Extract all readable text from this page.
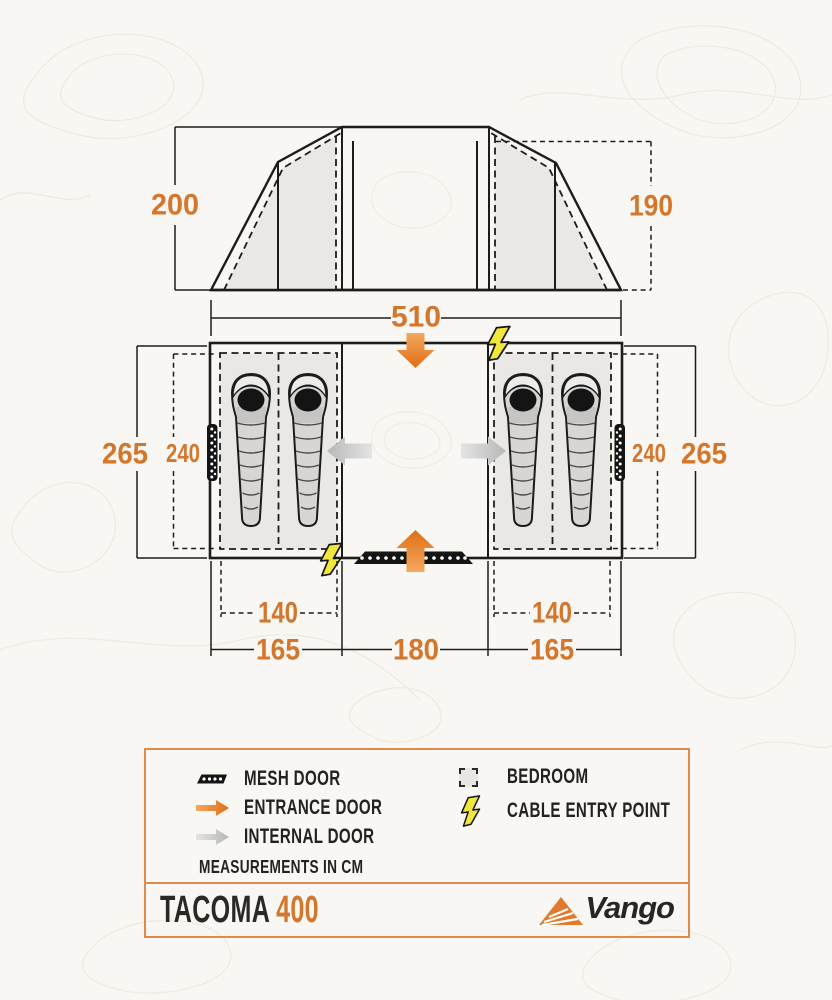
200	190
510
265 240	240 265
140	140
165	180	165
MESH DOOR
ENTRANCE DOOR
INTERNAL DOOR
MEASUREMENTS IN CM
BEDROOM
CABLE ENTRY POINT
TACOMA 400	Vango
